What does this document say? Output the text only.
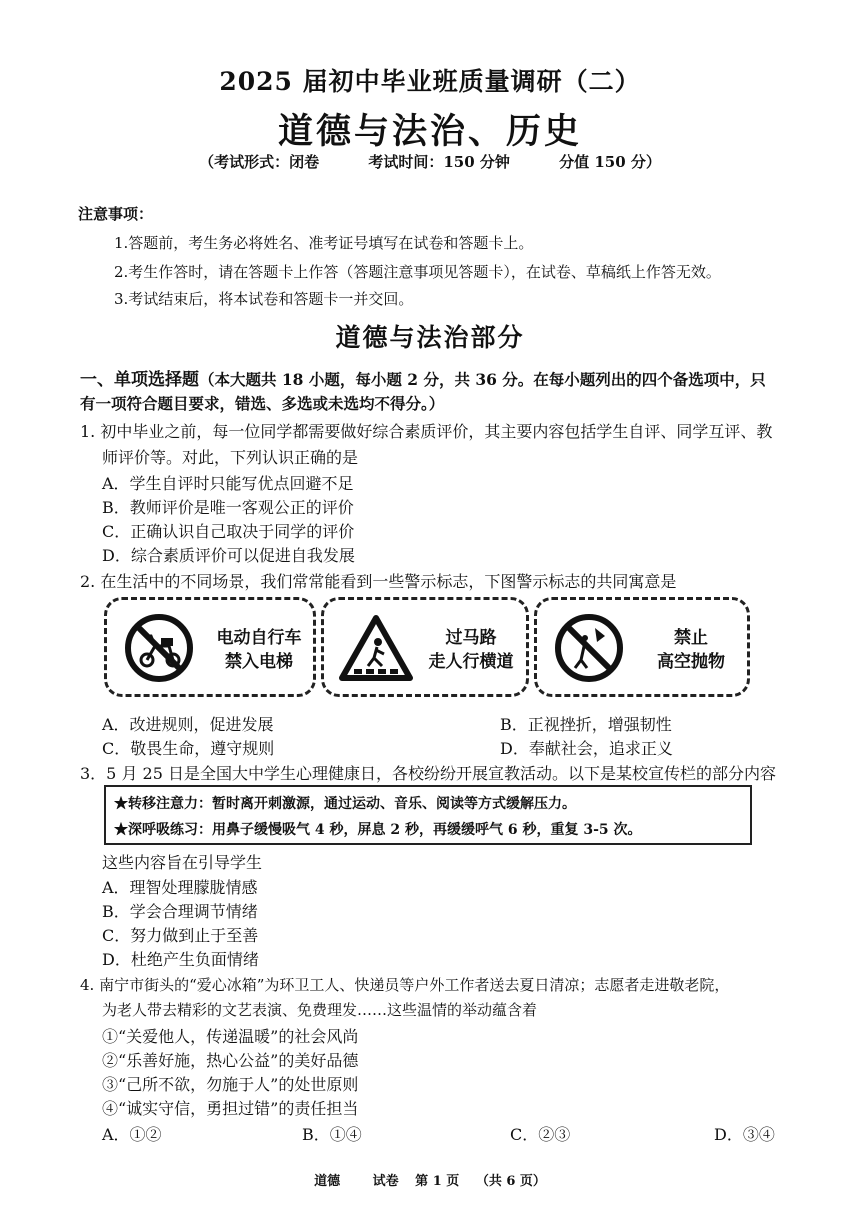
2025 届初中毕业班质量调研（二）
道德与法治、历史
（考试形式：闭卷	考试时间：150 分钟	分值 150 分）
注意事项：
1.答题前，考生务必将姓名、准考证号填写在试卷和答题卡上。
2.考生作答时，请在答题卡上作答（答题注意事项见答题卡），在试卷、草稿纸上作答无效。
3.考试结束后，将本试卷和答题卡一并交回。
道德与法治部分
一、单项选择题（本大题共 18 小题，每小题 2 分，共 36 分。在每小题列出的四个备选项中，只
有一项符合题目要求，错选、多选或未选均不得分。）
1. 初中毕业之前，每一位同学都需要做好综合素质评价，其主要内容包括学生自评、同学互评、教
师评价等。对此，下列认识正确的是
A．学生自评时只能写优点回避不足
B．教师评价是唯一客观公正的评价
C．正确认识自己取决于同学的评价
D．综合素质评价可以促进自我发展
2. 在生活中的不同场景，我们常常能看到一些警示标志，下图警示标志的共同寓意是
电动自行车
禁入电梯
过马路
走人行横道
禁止
高空抛物
A．改进规则，促进发展	B．正视挫折，增强韧性
C．敬畏生命，遵守规则	D．奉献社会，追求正义
3．5 月 25 日是全国大中学生心理健康日，各校纷纷开展宣教活动。以下是某校宣传栏的部分内容
★转移注意力：暂时离开刺激源，通过运动、音乐、阅读等方式缓解压力。
★深呼吸练习：用鼻子缓慢吸气 4 秒，屏息 2 秒，再缓缓呼气 6 秒，重复 3-5 次。
这些内容旨在引导学生
A．理智处理朦胧情感
B．学会合理调节情绪
C．努力做到止于至善
D．杜绝产生负面情绪
4. 南宁市街头的“爱心冰箱”为环卫工人、快递员等户外工作者送去夏日清凉；志愿者走进敬老院，
为老人带去精彩的文艺表演、免费理发……这些温情的举动蕴含着
①“关爱他人，传递温暖”的社会风尚
②“乐善好施，热心公益”的美好品德
③“己所不欲，勿施于人”的处世原则
④“诚实守信，勇担过错”的责任担当
A．①②	B．①④	C．②③	D．③④
道德	试卷 第 1 页 （共 6 页）
